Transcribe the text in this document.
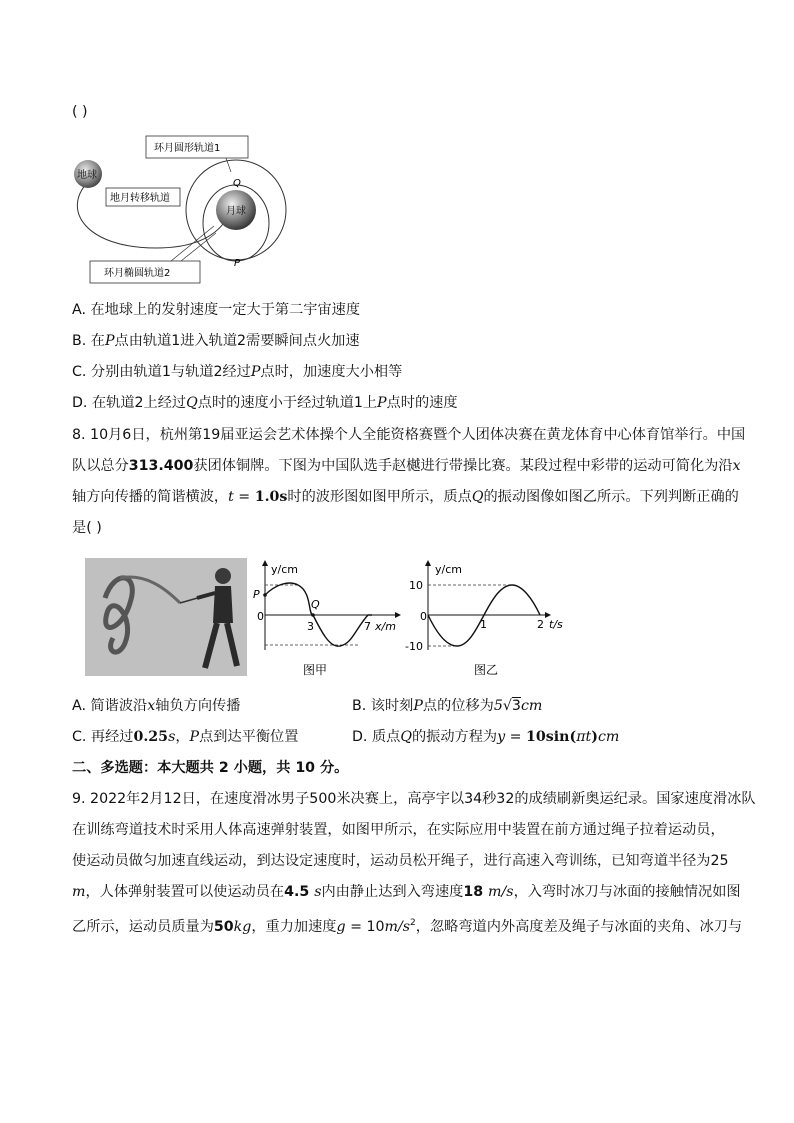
( )
地球
月球
环月圆形轨道1
地月转移轨道
环月椭圆轨道2
Q
P
A. 在地球上的发射速度一定大于第二宇宙速度
B. 在P点由轨道1进入轨道2需要瞬间点火加速
C. 分别由轨道1与轨道2经过P点时，加速度大小相等
D. 在轨道2上经过Q点时的速度小于经过轨道1上P点时的速度
8. 10月6日，杭州第19届亚运会艺术体操个人全能资格赛暨个人团体决赛在黄龙体育中心体育馆举行。中国
队以总分313.400获团体铜牌。下图为中国队选手赵樾进行带操比赛。某段过程中彩带的运动可简化为沿x
轴方向传播的简谐横波，t = 1.0s时的波形图如图甲所示，质点Q的振动图像如图乙所示。下列判断正确的
是( )
y/cm
P
Q
0
3	7 x/m
图甲
y/cm
10
0
-10
1	2 t/s
图乙
A. 简谐波沿x轴负方向传播	B. 该时刻P点的位移为5√3cm
C. 再经过0.25s，P点到达平衡位置	D. 质点Q的振动方程为y = 10sin(πt)cm
二、多选题：本大题共 2 小题，共 10 分。
9. 2022年2月12日，在速度滑冰男子500米决赛上，高亭宇以34秒32的成绩刷新奥运纪录。国家速度滑冰队
在训练弯道技术时采用人体高速弹射装置，如图甲所示，在实际应用中装置在前方通过绳子拉着运动员，
使运动员做匀加速直线运动，到达设定速度时，运动员松开绳子，进行高速入弯训练，已知弯道半径为25
m，人体弹射装置可以使运动员在4.5 s内由静止达到入弯速度18 m/s，入弯时冰刀与冰面的接触情况如图
乙所示，运动员质量为50kg，重力加速度$g = 10m/s^2$，忽略弯道内外高度差及绳子与冰面的夹角、冰刀与
